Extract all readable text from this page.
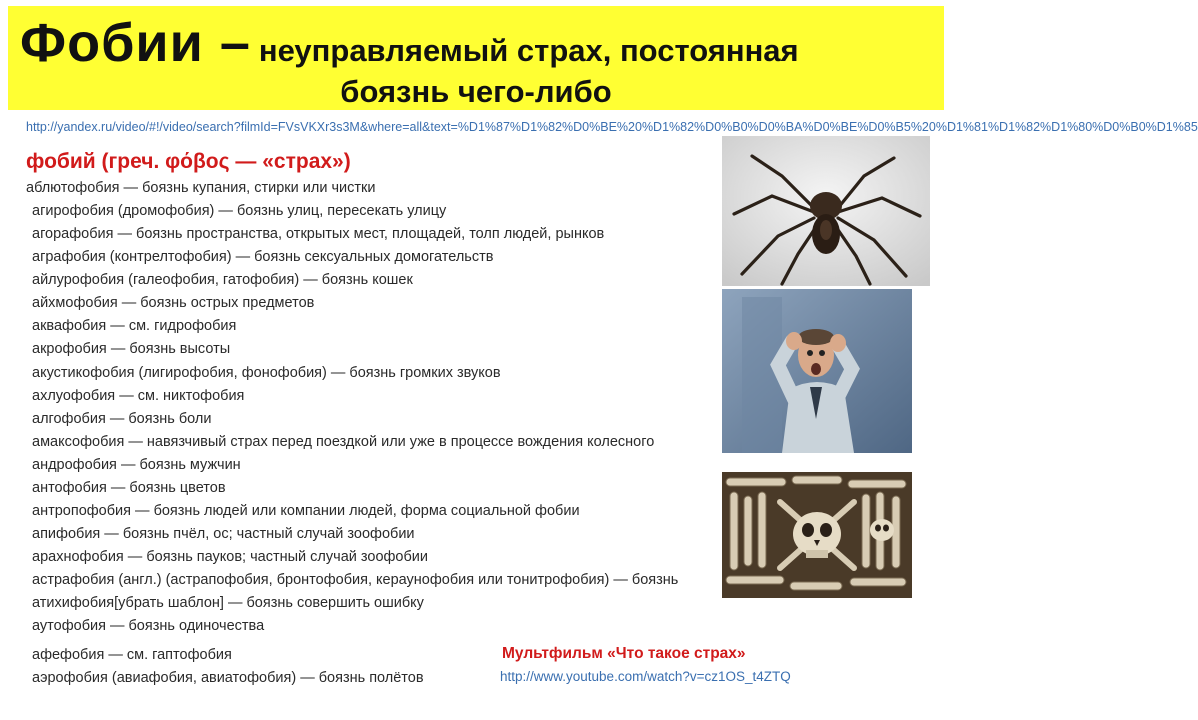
Фобии – неуправляемый страх, постоянная
боязнь чего-либо
http://yandex.ru/video/#!/video/search?filmId=FVsVKXr3s3M&where=all&text=%D1%87%D1%82%D0%BE%20%D1%82%D0%B0%D0%BA%D0%BE%D0%B5%20%D1%81%D1%82%D1%80%D0%B0%D1%85
фобий (греч. φόβος — «страх»)
аблютофобия — боязнь купания, стирки или чистки
агирофобия (дромофобия) — боязнь улиц, пересекать улицу
агорафобия — боязнь пространства, открытых мест, площадей, толп людей, рынков
аграфобия (контрелтофобия) — боязнь сексуальных домогательств
айлурофобия (галеофобия, гатофобия) — боязнь кошек
айхмофобия — боязнь острых предметов
аквафобия — см. гидрофобия
акрофобия — боязнь высоты
акустикофобия (лигирофобия, фонофобия) — боязнь громких звуков
ахлуофобия — см. никтофобия
алгофобия — боязнь боли
амаксофобия — навязчивый страх перед поездкой или уже в процессе вождения колесного
андрофобия — боязнь мужчин
антофобия — боязнь цветов
антропофобия — боязнь людей или компании людей, форма социальной фобии
апифобия — боязнь пчёл, ос; частный случай зоофобии
арахнофобия — боязнь пауков; частный случай зоофобии
астрафобия (англ.) (астрапофобия, бронтофобия, кераунофобия или тонитрофобия) — боязнь
атихифобия[убрать шаблон] — боязнь совершить ошибку
аутофобия — боязнь одиночества
афефобия — см. гаптофобия
аэрофобия (авиафобия, авиатофобия) — боязнь полётов
Мультфильм «Что такое страх»
http://www.youtube.com/watch?v=cz1OS_t4ZTQ
